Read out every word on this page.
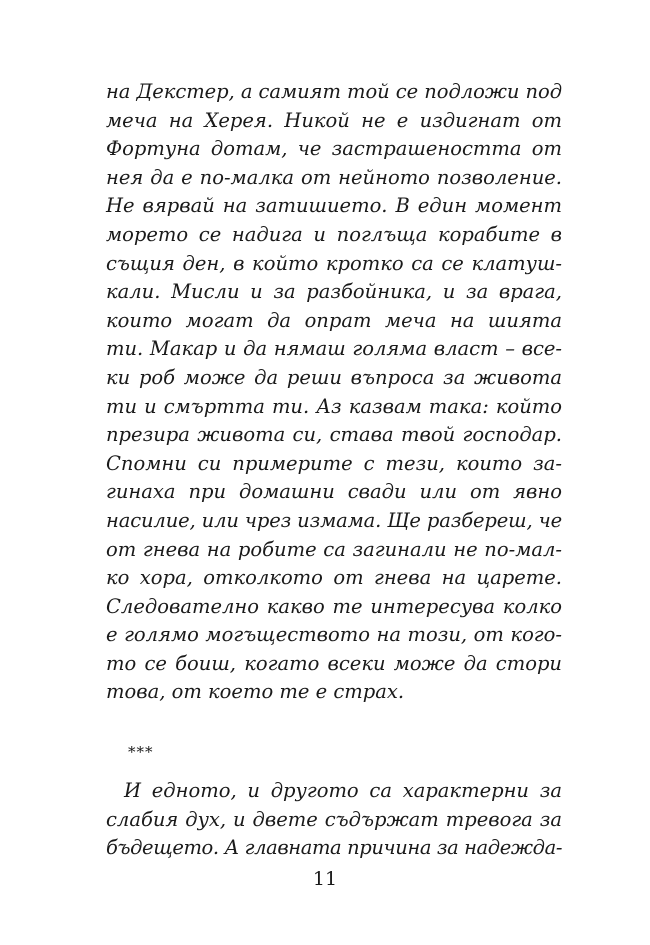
на Декстер, а самият той се подложи под
меча на Херея. Никой не е издигнат от
Фортуна дотам, че застрашеността от
нея да е по-малка от нейното позволение.
Не вярвай на затишието. В един момент
морето се надига и поглъща корабите в
същия ден, в който кротко са се клатуш-
кали. Мисли и за разбойника, и за врага,
които могат да опрат меча на шията
ти. Макар и да нямаш голяма власт – все-
ки роб може да реши въпроса за живота
ти и смъртта ти. Аз казвам така: който
презира живота си, става твой господар.
Спомни си примерите с тези, които за-
гинаха при домашни свади или от явно
насилие, или чрез измама. Ще разбереш, че
от гнева на робите са загинали не по-мал-
ко хора, отколкото от гнева на царете.
Следователно какво те интересува колко
е голямо могъществото на този, от кого-
то се боиш, когато всеки може да стори
това, от което те е страх.

***

И едното, и другото са характерни за
слабия дух, и двете съдържат тревога за
бъдещето. А главната причина за надежда-

11
